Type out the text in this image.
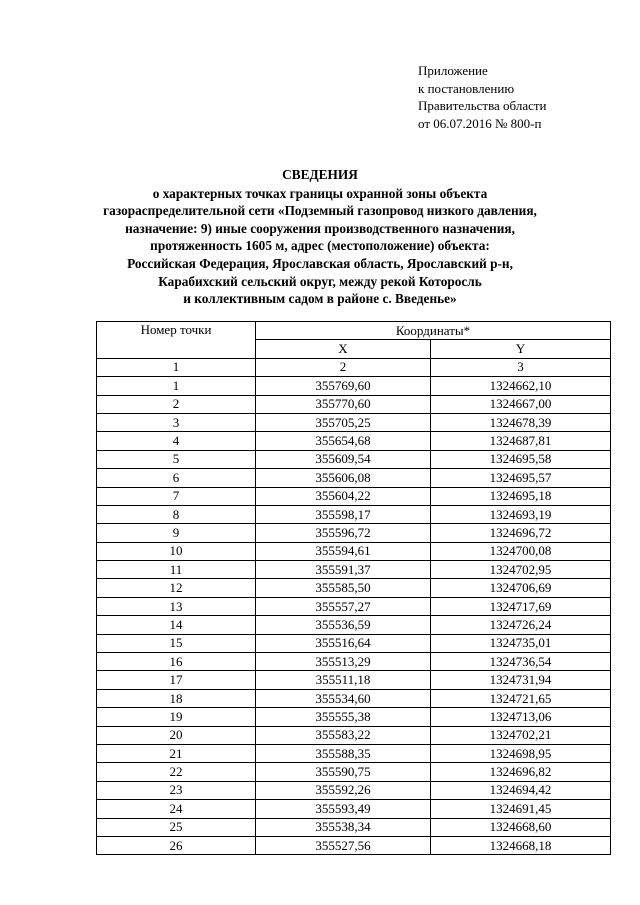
Приложение
к постановлению
Правительства области
от 06.07.2016 № 800-п
СВЕДЕНИЯ
о характерных точках границы охранной зоны объекта
газораспределительной сети «Подземный газопровод низкого давления,
назначение: 9) иные сооружения производственного назначения,
протяженность 1605 м, адрес (местоположение) объекта:
Российская Федерация, Ярославская область, Ярославский р-н,
Карабихский сельский округ, между рекой Которосль
и коллективным садом в районе с. Введенье»
Номер точки	Координаты*	
	X	Y
1	2	3
1	355769,60	1324662,10
2	355770,60	1324667,00
3	355705,25	1324678,39
4	355654,68	1324687,81
5	355609,54	1324695,58
6	355606,08	1324695,57
7	355604,22	1324695,18
8	355598,17	1324693,19
9	355596,72	1324696,72
10	355594,61	1324700,08
11	355591,37	1324702,95
12	355585,50	1324706,69
13	355557,27	1324717,69
14	355536,59	1324726,24
15	355516,64	1324735,01
16	355513,29	1324736,54
17	355511,18	1324731,94
18	355534,60	1324721,65
19	355555,38	1324713,06
20	355583,22	1324702,21
21	355588,35	1324698,95
22	355590,75	1324696,82
23	355592,26	1324694,42
24	355593,49	1324691,45
25	355538,34	1324668,60
26	355527,56	1324668,18
